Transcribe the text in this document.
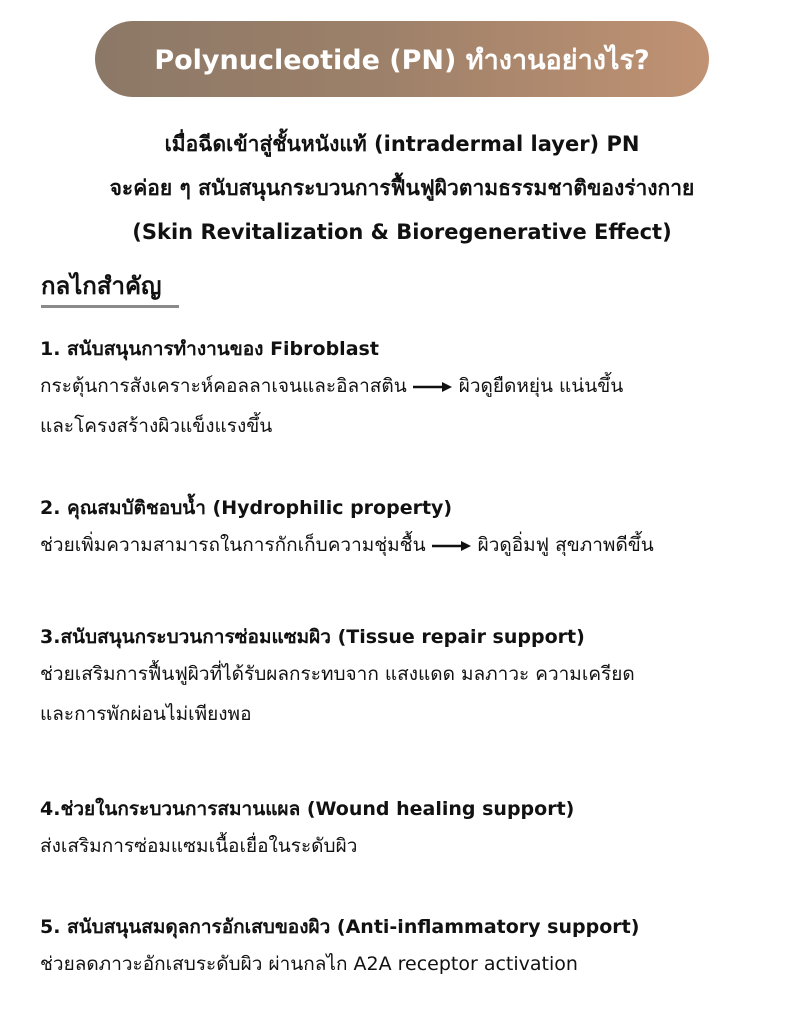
Polynucleotide (PN) ทำงานอย่างไร?
เมื่อฉีดเข้าสู่ชั้นหนังแท้ (intradermal layer) PN
จะค่อย ๆ สนับสนุนกระบวนการฟื้นฟูผิวตามธรรมชาติของร่างกาย
(Skin Revitalization & Bioregenerative Effect)
กลไกสำคัญ
1. สนับสนุนการทำงานของ Fibroblast
กระตุ้นการสังเคราะห์คอลลาเจนและอิลาสติน	ผิวดูยืดหยุ่น แน่นขึ้น
และโครงสร้างผิวแข็งแรงขึ้น
2. คุณสมบัติชอบน้ำ (Hydrophilic property)
ช่วยเพิ่มความสามารถในการกักเก็บความชุ่มชื้น	ผิวดูอิ่มฟู สุขภาพดีขึ้น
3.สนับสนุนกระบวนการซ่อมแซมผิว (Tissue repair support)
ช่วยเสริมการฟื้นฟูผิวที่ได้รับผลกระทบจาก แสงแดด มลภาวะ ความเครียด
และการพักผ่อนไม่เพียงพอ
4.ช่วยในกระบวนการสมานแผล (Wound healing support)
ส่งเสริมการซ่อมแซมเนื้อเยื่อในระดับผิว
5. สนับสนุนสมดุลการอักเสบของผิว (Anti-inflammatory support)
ช่วยลดภาวะอักเสบระดับผิว ผ่านกลไก A2A receptor activation
